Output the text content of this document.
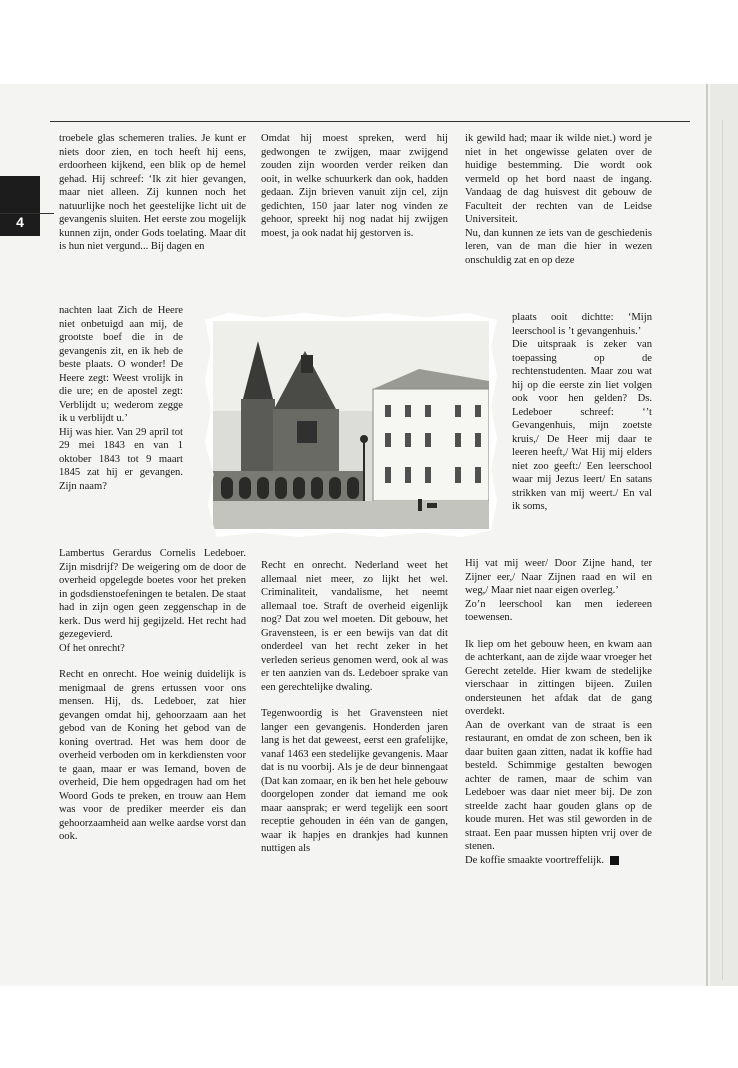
4

troebele glas schemeren tralies. Je kunt er niets door zien, en toch heeft hij eens, erdoorheen kijkend, een blik op de hemel gehad. Hij schreef: ‘Ik zit hier gevangen, maar niet alleen. Zij kunnen noch het natuurlijke noch het geestelijke licht uit de gevangenis sluiten. Het eerste zou mogelijk kunnen zijn, onder Gods toelating. Maar dit is hun niet vergund... Bij dagen en

nachten laat Zich de Heere niet onbetuigd aan mij, de grootste boef die in de gevangenis zit, en ik heb de beste plaats. O wonder! De Heere zegt: Weest vrolijk in die ure; en de apostel zegt: Verblijdt u; wederom zegge ik u verblijdt u.’

Hij was hier. Van 29 april tot 29 mei 1843 en van 1 oktober 1843 tot 9 maart 1845 zat hij er gevangen. Zijn naam?

Lambertus Gerardus Cornelis Ledeboer. Zijn misdrijf? De weigering om de door de overheid opgelegde boetes voor het preken in godsdienstoefeningen te betalen. De staat had in zijn ogen geen zeggenschap in de kerk. Dus werd hij gegijzeld. Het recht had gezegevierd.

Of het onrecht?

Recht en onrecht. Hoe weinig duidelijk is menigmaal de grens ertussen voor ons mensen. Hij, ds. Ledeboer, zat hier gevangen omdat hij, gehoorzaam aan het gebod van de Koning het gebod van de koning overtrad. Het was hem door de overheid verboden om in kerkdiensten voor te gaan, maar er was Iemand, boven de overheid, Die hem opgedragen had om het Woord Gods te preken, en trouw aan Hem was voor de prediker meerder eis dan gehoorzaamheid aan welke aardse vorst dan ook.

Omdat hij moest spreken, werd hij gedwongen te zwijgen, maar zwijgend zouden zijn woorden verder reiken dan ooit, in welke schuurkerk dan ook, hadden gedaan. Zijn brieven vanuit zijn cel, zijn gedichten, 150 jaar later nog vinden ze gehoor, spreekt hij nog nadat hij zwijgen moest, ja ook nadat hij gestorven is.

Recht en onrecht. Nederland weet het allemaal niet meer, zo lijkt het wel. Criminaliteit, vandalisme, het neemt allemaal toe. Straft de overheid eigenlijk nog? Dat zou wel moeten. Dit gebouw, het Gravensteen, is er een bewijs van dat dit onderdeel van het recht zeker in het verleden serieus genomen werd, ook al was er ten aanzien van ds. Ledeboer sprake van een gerechtelijke dwaling.

Tegenwoordig is het Gravensteen niet langer een gevangenis. Honderden jaren lang is het dat geweest, eerst een grafelijke, vanaf 1463 een stedelijke gevangenis. Maar dat is nu voorbij. Als je de deur binnengaat (Dat kan zomaar, en ik ben het hele gebouw doorgelopen zonder dat iemand me ook maar aansprak; er werd tegelijk een soort receptie gehouden in één van de gangen, waar ik hapjes en drankjes had kunnen nuttigen als

ik gewild had; maar ik wilde niet.) word je niet in het ongewisse gelaten over de huidige bestemming. Die wordt ook vermeld op het bord naast de ingang. Vandaag de dag huisvest dit gebouw de Faculteit der rechten van de Leidse Universiteit.

Nu, dan kunnen ze iets van de geschiedenis leren, van de man die hier in wezen onschuldig zat en op deze

plaats ooit dichtte: ‘Mijn leerschool is ’t gevangenhuis.’

Die uitspraak is zeker van toepassing op de rechtenstudenten. Maar zou wat hij op die eerste zin liet volgen ook voor hen gelden? Ds. Ledeboer schreef: ‘’t Gevangenhuis, mijn zoetste kruis,/ De Heer mij daar te leeren heeft,/ Wat Hij mij elders niet zoo geeft:/ Een leerschool waar mij Jezus leert/ En satans strikken van mij weert./ En val ik soms,

Hij vat mij weer/ Door Zijne hand, ter Zijner eer,/ Naar Zijnen raad en wil en weg,/ Maar niet naar eigen overleg.’

Zo’n leerschool kan men iedereen toewensen.

Ik liep om het gebouw heen, en kwam aan de achterkant, aan de zijde waar vroeger het Gerecht zetelde. Hier kwam de stedelijke vierschaar in zittingen bijeen. Zuilen ondersteunen het afdak dat de gang overdekt.

Aan de overkant van de straat is een restaurant, en omdat de zon scheen, ben ik daar buiten gaan zitten, nadat ik koffie had besteld. Schimmige gestalten bewogen achter de ramen, maar de schim van Ledeboer was daar niet meer bij. De zon streelde zacht haar gouden glans op de koude muren. Het was stil geworden in de straat. Een paar mussen hipten vrij over de stenen.

De koffie smaakte voortreffelijk.
